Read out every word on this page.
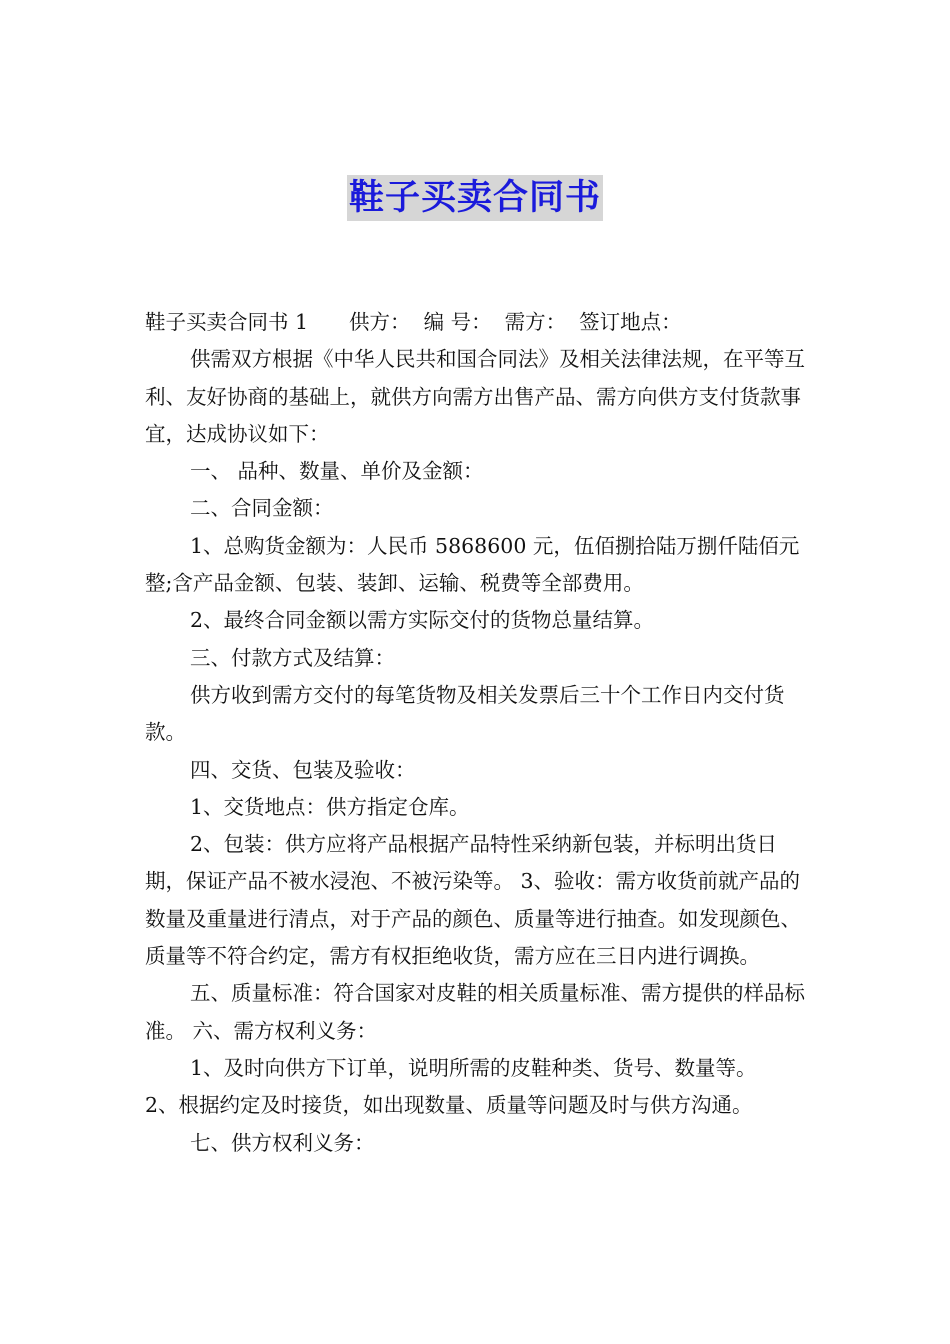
鞋子买卖合同书

鞋子买卖合同书 1　　供方：  编 号：  需方：  签订地点：

供需双方根据《中华人民共和国合同法》及相关法律法规，在平等互利、友好协商的基础上，就供方向需方出售产品、需方向供方支付货款事宜，达成协议如下：

一、 品种、数量、单价及金额：

二、合同金额：

1、总购货金额为：人民币 5868600 元，伍佰捌拾陆万捌仟陆佰元整;含产品金额、包装、装卸、运输、税费等全部费用。

2、最终合同金额以需方实际交付的货物总量结算。

三、付款方式及结算：

供方收到需方交付的每笔货物及相关发票后三十个工作日内交付货款。

四、交货、包装及验收：

1、交货地点：供方指定仓库。

2、包装：供方应将产品根据产品特性采纳新包装，并标明出货日期，保证产品不被水浸泡、不被污染等。 3、验收：需方收货前就产品的数量及重量进行清点，对于产品的颜色、质量等进行抽查。如发现颜色、质量等不符合约定，需方有权拒绝收货，需方应在三日内进行调换。

五、质量标准：符合国家对皮鞋的相关质量标准、需方提供的样品标准。 六、需方权利义务：

1、及时向供方下订单，说明所需的皮鞋种类、货号、数量等。

2、根据约定及时接货，如出现数量、质量等问题及时与供方沟通。

七、供方权利义务：
